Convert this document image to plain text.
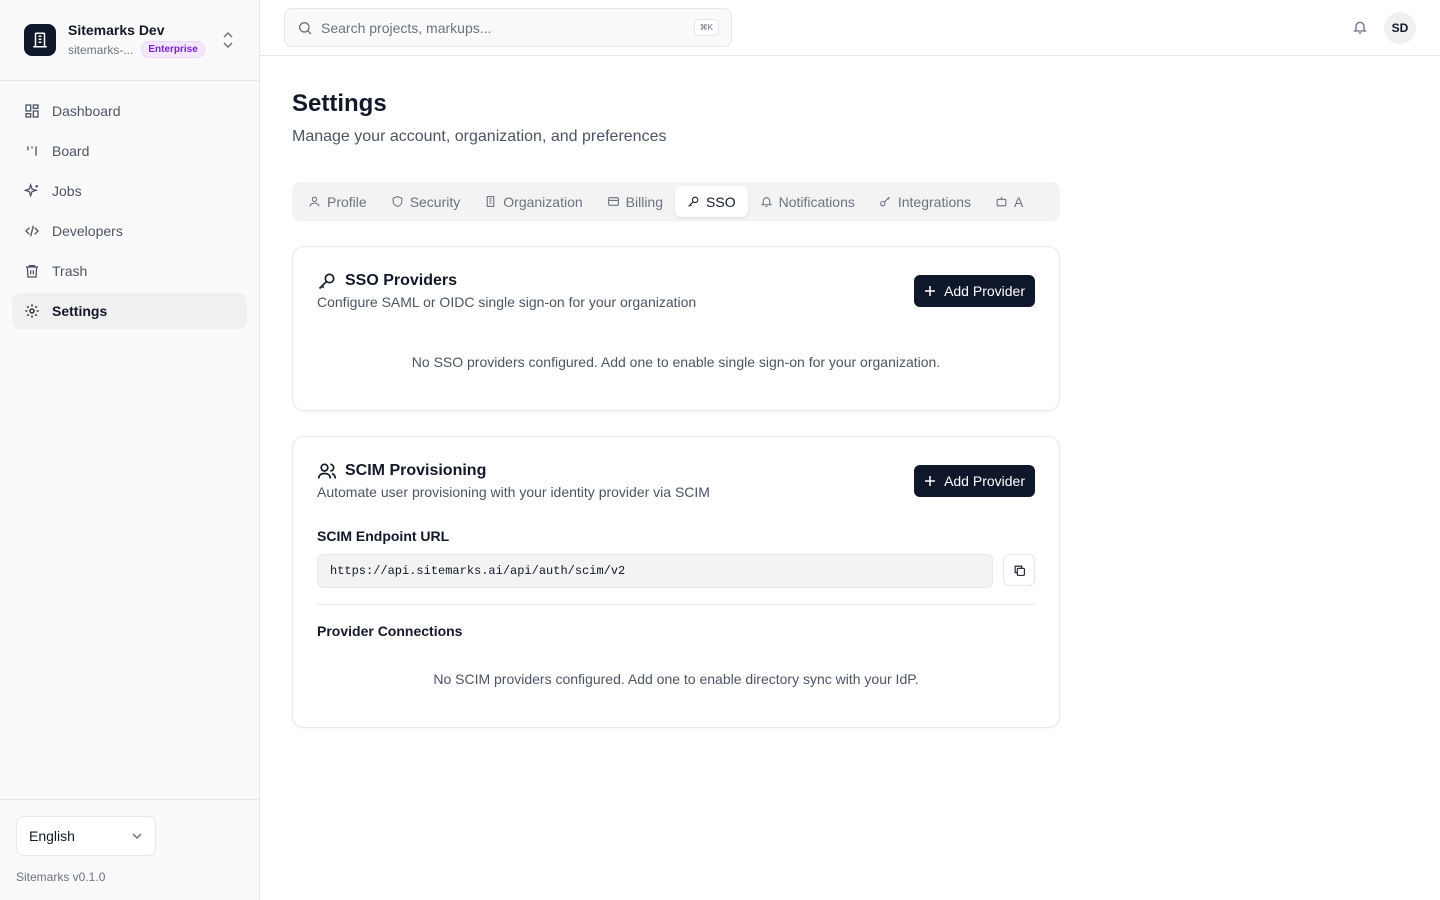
Sitemarks Dev
sitemarks-...	Enterprise
Dashboard
Board
Jobs
Developers
Trash
Settings
English
Sitemarks v0.1.0
Search projects, markups...	⌘K	SD
Settings
Manage your account, organization, and preferences
Profile	Security	Organization	Billing	SSO	Notifications	Integrations	A
SSO Providers
Configure SAML or OIDC single sign-on for your organization
Add Provider
No SSO providers configured. Add one to enable single sign-on for your organization.
SCIM Provisioning
Automate user provisioning with your identity provider via SCIM
Add Provider
SCIM Endpoint URL
https://api.sitemarks.ai/api/auth/scim/v2
Provider Connections
No SCIM providers configured. Add one to enable directory sync with your IdP.
